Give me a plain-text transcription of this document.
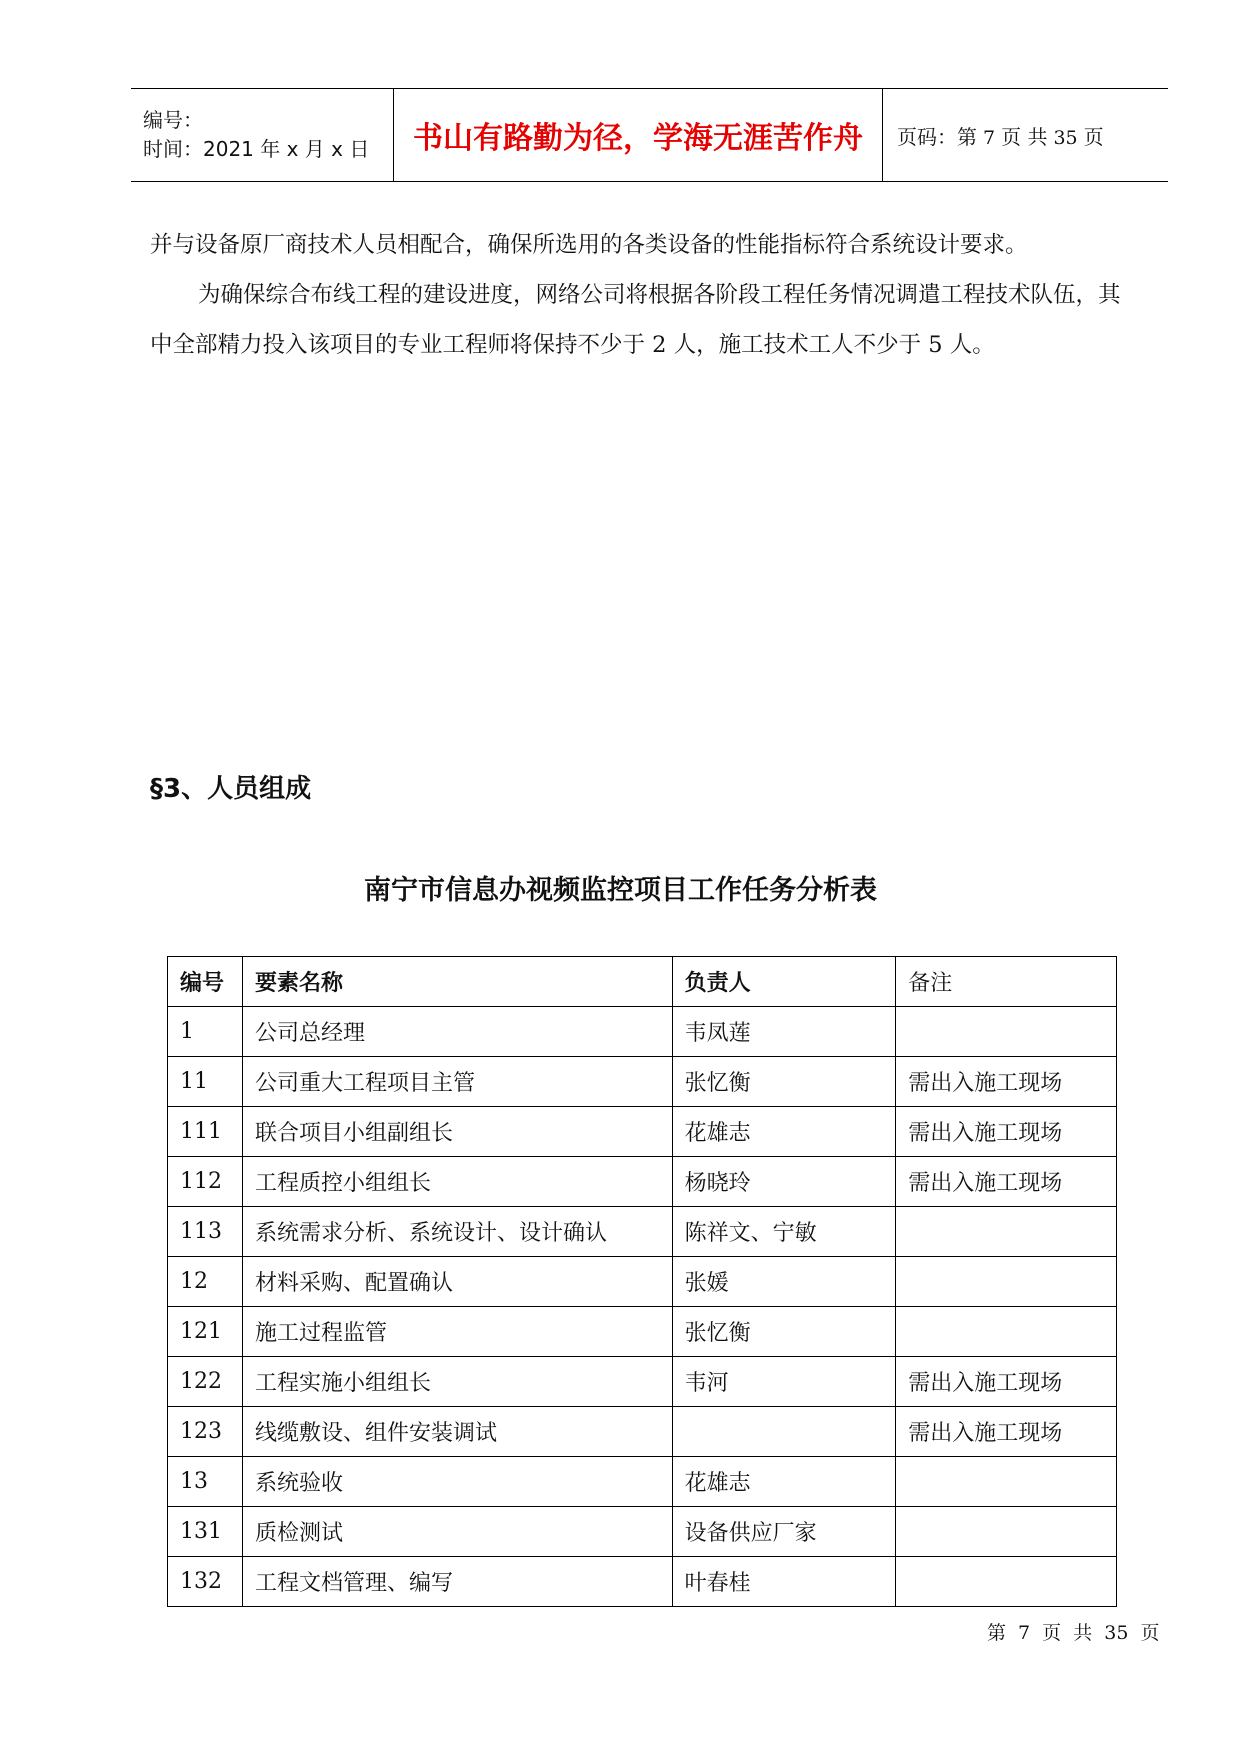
编号：
时间：2021 年 x 月 x 日	书山有路勤为径，学海无涯苦作舟	页码：第 7 页 共 35 页

并与设备原厂商技术人员相配合，确保所选用的各类设备的性能指标符合系统设计要求。

为确保综合布线工程的建设进度，网络公司将根据各阶段工程任务情况调遣工程技术队伍，其中全部精力投入该项目的专业工程师将保持不少于 2 人，施工技术工人不少于 5 人。

§3、人员组成
南宁市信息办视频监控项目工作任务分析表
编号	要素名称	负责人	备注
1	公司总经理	韦凤莲	
11	公司重大工程项目主管	张忆衡	需出入施工现场
111	联合项目小组副组长	花雄志	需出入施工现场
112	工程质控小组组长	杨晓玲	需出入施工现场
113	系统需求分析、系统设计、设计确认	陈祥文、宁敏	
12	材料采购、配置确认	张媛	
121	施工过程监管	张忆衡	
122	工程实施小组组长	韦河	需出入施工现场
123	线缆敷设、组件安装调试		需出入施工现场
13	系统验收	花雄志	
131	质检测试	设备供应厂家	
132	工程文档管理、编写	叶春桂	
第 7 页 共 35 页
